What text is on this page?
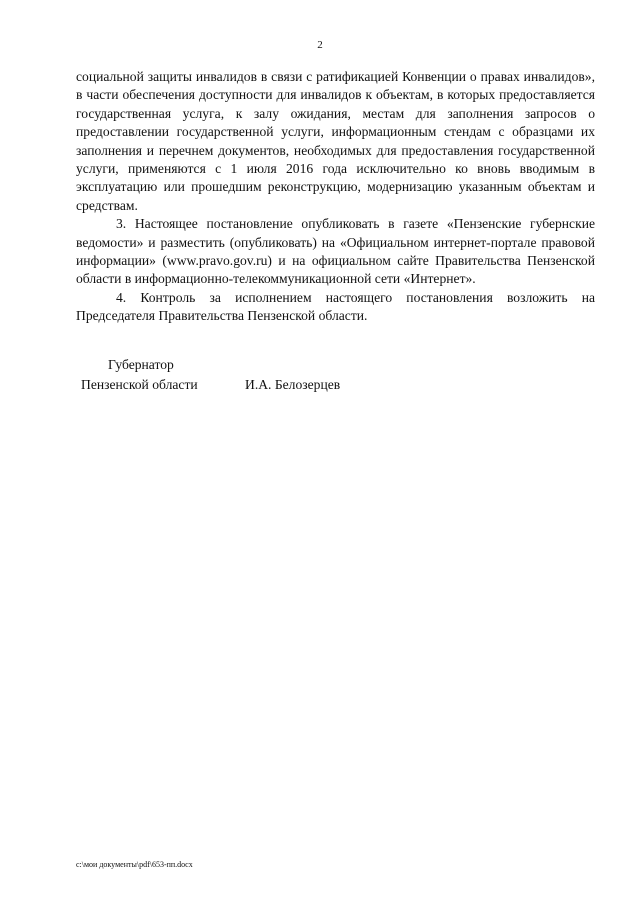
2

социальной защиты инвалидов в связи с ратификацией Конвенции о правах инвалидов», в части обеспечения доступности для инвалидов к объектам, в которых предоставляется государственная услуга, к залу ожидания, местам для заполнения запросов о предоставлении государственной услуги, информационным стендам с образцами их заполнения и перечнем документов, необходимых для предоставления государственной услуги, применяются с 1 июля 2016 года исключительно ко вновь вводимым в эксплуатацию или прошедшим реконструкцию, модернизацию указанным объектам и средствам.

3. Настоящее постановление опубликовать в газете «Пензенские губернские ведомости» и разместить (опубликовать) на «Официальном интернет-портале правовой информации» (www.pravo.gov.ru) и на официальном сайте Правительства Пензенской области в информационно-телекоммуникационной сети «Интернет».

4. Контроль за исполнением настоящего постановления возложить на Председателя Правительства Пензенской области.

Губернатор
Пензенской области	И.А. Белозерцев
c:\мои документы\pdf\653-пп.docx
